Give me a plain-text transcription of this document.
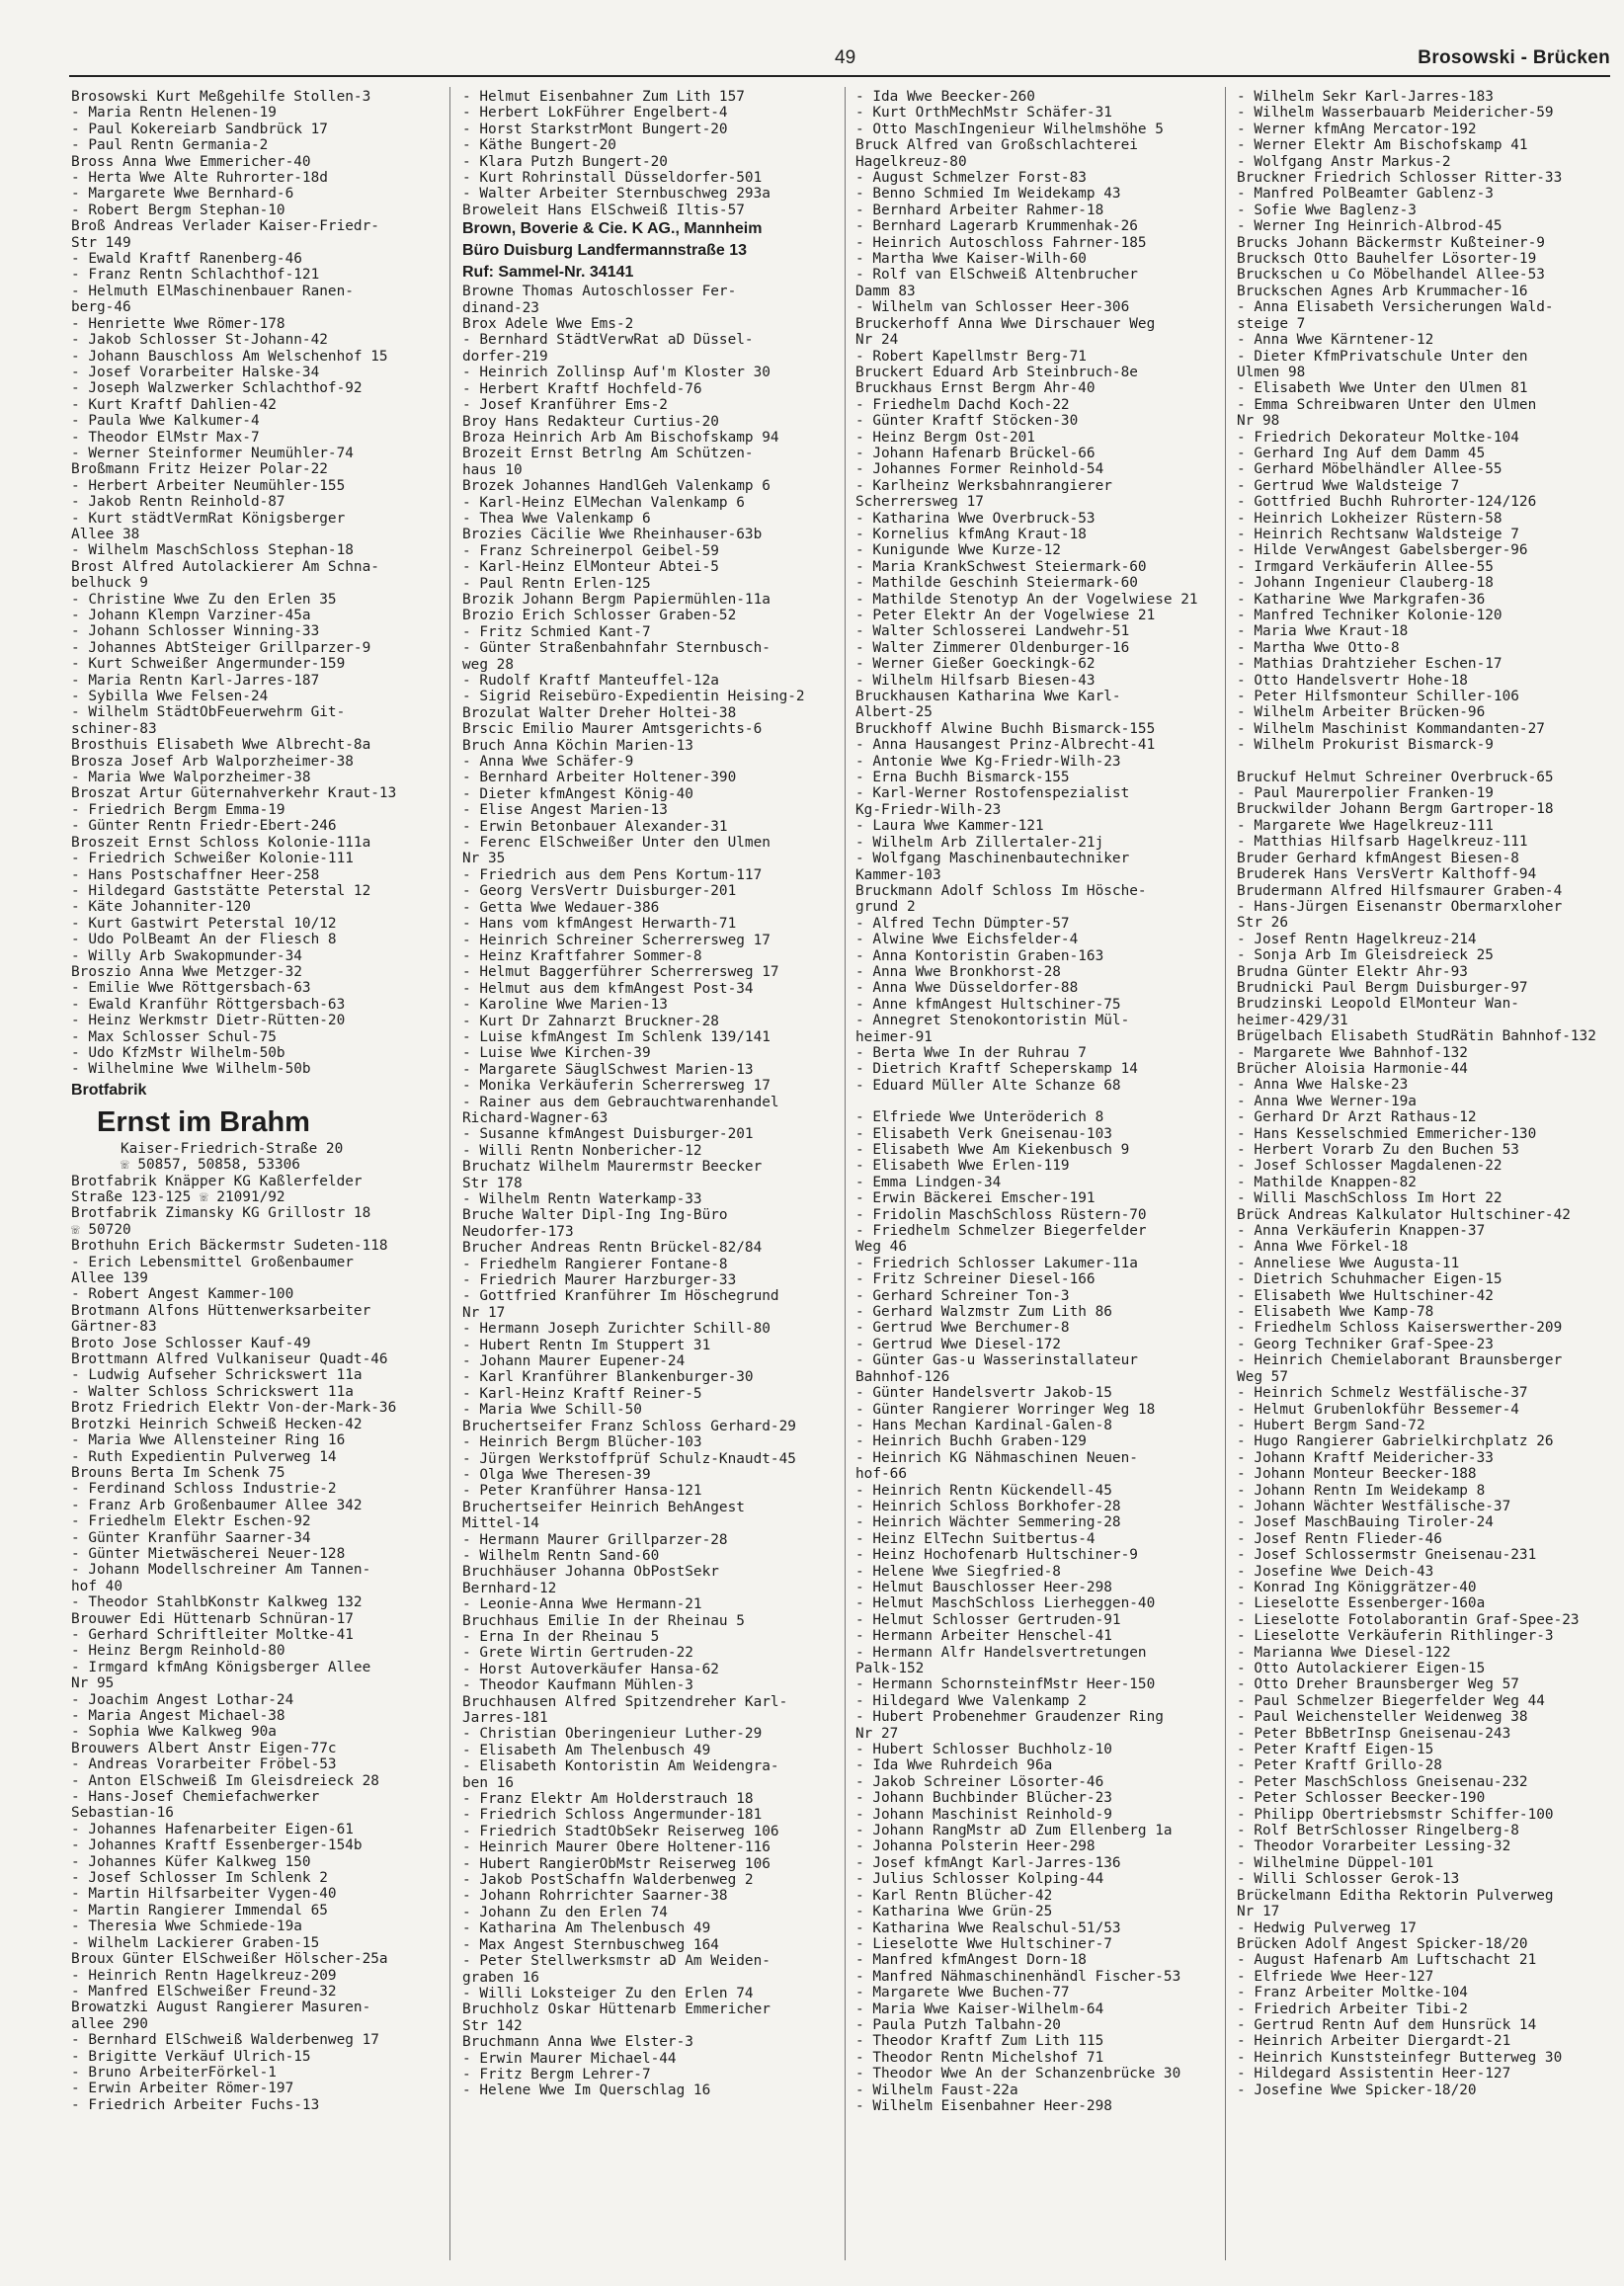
49	Brosowski - Brücken
Brosowski Kurt Meßgehilfe Stollen-3
- Maria Rentn Helenen-19
- Paul Kokereiarb Sandbrück 17
- Paul Rentn Germania-2
Bross Anna Wwe Emmericher-40
- Herta Wwe Alte Ruhrorter-18d
- Margarete Wwe Bernhard-6
- Robert Bergm Stephan-10
Broß Andreas Verlader Kaiser-Friedr-
Str 149
- Ewald Kraftf Ranenberg-46
- Franz Rentn Schlachthof-121
- Helmuth ElMaschinenbauer Ranen-
berg-46
- Henriette Wwe Römer-178
- Jakob Schlosser St-Johann-42
- Johann Bauschloss Am Welschenhof 15
- Josef Vorarbeiter Halske-34
- Joseph Walzwerker Schlachthof-92
- Kurt Kraftf Dahlien-42
- Paula Wwe Kalkumer-4
- Theodor ElMstr Max-7
- Werner Steinformer Neumühler-74
Broßmann Fritz Heizer Polar-22
- Herbert Arbeiter Neumühler-155
- Jakob Rentn Reinhold-87
- Kurt städtVermRat Königsberger
Allee 38
- Wilhelm MaschSchloss Stephan-18
Brost Alfred Autolackierer Am Schna-
belhuck 9
- Christine Wwe Zu den Erlen 35
- Johann Klempn Varziner-45a
- Johann Schlosser Winning-33
- Johannes AbtSteiger Grillparzer-9
- Kurt Schweißer Angermunder-159
- Maria Rentn Karl-Jarres-187
- Sybilla Wwe Felsen-24
- Wilhelm StädtObFeuerwehrm Git-
schiner-83
Brosthuis Elisabeth Wwe Albrecht-8a
Brosza Josef Arb Walporzheimer-38
- Maria Wwe Walporzheimer-38
Broszat Artur Güternahverkehr Kraut-13
- Friedrich Bergm Emma-19
- Günter Rentn Friedr-Ebert-246
Broszeit Ernst Schloss Kolonie-111a
- Friedrich Schweißer Kolonie-111
- Hans Postschaffner Heer-258
- Hildegard Gaststätte Peterstal 12
- Käte Johanniter-120
- Kurt Gastwirt Peterstal 10/12
- Udo PolBeamt An der Fliesch 8
- Willy Arb Swakopmunder-34
Broszio Anna Wwe Metzger-32
- Emilie Wwe Röttgersbach-63
- Ewald Kranführ Röttgersbach-63
- Heinz Werkmstr Dietr-Rütten-20
- Max Schlosser Schul-75
- Udo KfzMstr Wilhelm-50b
- Wilhelmine Wwe Wilhelm-50b
Brotfabrik
Ernst im Brahm
Kaiser-Friedrich-Straße 20
☏ 50857, 50858, 53306
Brotfabrik Knäpper KG Kaßlerfelder
Straße 123-125 ☏ 21091/92
Brotfabrik Zimansky KG Grillostr 18
☏ 50720
Brothuhn Erich Bäckermstr Sudeten-118
- Erich Lebensmittel Großenbaumer
Allee 139
- Robert Angest Kammer-100
Brotmann Alfons Hüttenwerksarbeiter
Gärtner-83
Broto Jose Schlosser Kauf-49
Brottmann Alfred Vulkaniseur Quadt-46
- Ludwig Aufseher Schrickswert 11a
- Walter Schloss Schrickswert 11a
Brotz Friedrich Elektr Von-der-Mark-36
Brotzki Heinrich Schweiß Hecken-42
- Maria Wwe Allensteiner Ring 16
- Ruth Expedientin Pulverweg 14
Brouns Berta Im Schenk 75
- Ferdinand Schloss Industrie-2
- Franz Arb Großenbaumer Allee 342
- Friedhelm Elektr Eschen-92
- Günter Kranführ Saarner-34
- Günter Mietwäscherei Neuer-128
- Johann Modellschreiner Am Tannen-
hof 40
- Theodor StahlbKonstr Kalkweg 132
Brouwer Edi Hüttenarb Schnüran-17
- Gerhard Schriftleiter Moltke-41
- Heinz Bergm Reinhold-80
- Irmgard kfmAng Königsberger Allee
Nr 95
- Joachim Angest Lothar-24
- Maria Angest Michael-38
- Sophia Wwe Kalkweg 90a
Brouwers Albert Anstr Eigen-77c
- Andreas Vorarbeiter Fröbel-53
- Anton ElSchweiß Im Gleisdreieck 28
- Hans-Josef Chemiefachwerker
Sebastian-16
- Johannes Hafenarbeiter Eigen-61
- Johannes Kraftf Essenberger-154b
- Johannes Küfer Kalkweg 150
- Josef Schlosser Im Schlenk 2
- Martin Hilfsarbeiter Vygen-40
- Martin Rangierer Immendal 65
- Theresia Wwe Schmiede-19a
- Wilhelm Lackierer Graben-15
Broux Günter ElSchweißer Hölscher-25a
- Heinrich Rentn Hagelkreuz-209
- Manfred ElSchweißer Freund-32
Browatzki August Rangierer Masuren-
allee 290
- Bernhard ElSchweiß Walderbenweg 17
- Brigitte Verkäuf Ulrich-15
- Bruno ArbeiterFörkel-1
- Erwin Arbeiter Römer-197
- Friedrich Arbeiter Fuchs-13
- Helmut Eisenbahner Zum Lith 157
- Herbert LokFührer Engelbert-4
- Horst StarkstrMont Bungert-20
- Käthe Bungert-20
- Klara Putzh Bungert-20
- Kurt Rohrinstall Düsseldorfer-501
- Walter Arbeiter Sternbuschweg 293a
Broweleit Hans ElSchweiß Iltis-57
Brown, Boverie & Cie. K AG., Mannheim
Büro Duisburg Landfermannstraße 13
Ruf: Sammel-Nr. 34141
Browne Thomas Autoschlosser Fer-
dinand-23
Brox Adele Wwe Ems-2
- Bernhard StädtVerwRat aD Düssel-
dorfer-219
- Heinrich Zollinsp Auf'm Kloster 30
- Herbert Kraftf Hochfeld-76
- Josef Kranführer Ems-2
Broy Hans Redakteur Curtius-20
Broza Heinrich Arb Am Bischofskamp 94
Brozeit Ernst Betrlng Am Schützen-
haus 10
Brozek Johannes HandlGeh Valenkamp 6
- Karl-Heinz ElMechan Valenkamp 6
- Thea Wwe Valenkamp 6
Brozies Cäcilie Wwe Rheinhauser-63b
- Franz Schreinerpol Geibel-59
- Karl-Heinz ElMonteur Abtei-5
- Paul Rentn Erlen-125
Brozik Johann Bergm Papiermühlen-11a
Brozio Erich Schlosser Graben-52
- Fritz Schmied Kant-7
- Günter Straßenbahnfahr Sternbusch-
weg 28
- Rudolf Kraftf Manteuffel-12a
- Sigrid Reisebüro-Expedientin Heising-2
Brozulat Walter Dreher Holtei-38
Brscic Emilio Maurer Amtsgerichts-6
Bruch Anna Köchin Marien-13
- Anna Wwe Schäfer-9
- Bernhard Arbeiter Holtener-390
- Dieter kfmAngest König-40
- Elise Angest Marien-13
- Erwin Betonbauer Alexander-31
- Ferenc ElSchweißer Unter den Ulmen
Nr 35
- Friedrich aus dem Pens Kortum-117
- Georg VersVertr Duisburger-201
- Getta Wwe Wedauer-386
- Hans vom kfmAngest Herwarth-71
- Heinrich Schreiner Scherrersweg 17
- Heinz Kraftfahrer Sommer-8
- Helmut Baggerführer Scherrersweg 17
- Helmut aus dem kfmAngest Post-34
- Karoline Wwe Marien-13
- Kurt Dr Zahnarzt Bruckner-28
- Luise kfmAngest Im Schlenk 139/141
- Luise Wwe Kirchen-39
- Margarete SäuglSchwest Marien-13
- Monika Verkäuferin Scherrersweg 17
- Rainer aus dem Gebrauchtwarenhandel
Richard-Wagner-63
- Susanne kfmAngest Duisburger-201
- Willi Rentn Nonbericher-12
Bruchatz Wilhelm Maurermstr Beecker
Str 178
- Wilhelm Rentn Waterkamp-33
Bruche Walter Dipl-Ing Ing-Büro
Neudorfer-173
Brucher Andreas Rentn Brückel-82/84
- Friedhelm Rangierer Fontane-8
- Friedrich Maurer Harzburger-33
- Gottfried Kranführer Im Höschegrund
Nr 17
- Hermann Joseph Zurichter Schill-80
- Hubert Rentn Im Stuppert 31
- Johann Maurer Eupener-24
- Karl Kranführer Blankenburger-30
- Karl-Heinz Kraftf Reiner-5
- Maria Wwe Schill-50
Bruchertseifer Franz Schloss Gerhard-29
- Heinrich Bergm Blücher-103
- Jürgen Werkstoffprüf Schulz-Knaudt-45
- Olga Wwe Theresen-39
- Peter Kranführer Hansa-121
Bruchertseifer Heinrich BehAngest
Mittel-14
- Hermann Maurer Grillparzer-28
- Wilhelm Rentn Sand-60
Bruchhäuser Johanna ObPostSekr
Bernhard-12
- Leonie-Anna Wwe Hermann-21
Bruchhaus Emilie In der Rheinau 5
- Erna In der Rheinau 5
- Grete Wirtin Gertruden-22
- Horst Autoverkäufer Hansa-62
- Theodor Kaufmann Mühlen-3
Bruchhausen Alfred Spitzendreher Karl-
Jarres-181
- Christian Oberingenieur Luther-29
- Elisabeth Am Thelenbusch 49
- Elisabeth Kontoristin Am Weidengra-
ben 16
- Franz Elektr Am Holderstrauch 18
- Friedrich Schloss Angermunder-181
- Friedrich StadtObSekr Reiserweg 106
- Heinrich Maurer Obere Holtener-116
- Hubert RangierObMstr Reiserweg 106
- Jakob PostSchaffn Walderbenweg 2
- Johann Rohrrichter Saarner-38
- Johann Zu den Erlen 74
- Katharina Am Thelenbusch 49
- Max Angest Sternbuschweg 164
- Peter Stellwerksmstr aD Am Weiden-
graben 16
- Willi Loksteiger Zu den Erlen 74
Bruchholz Oskar Hüttenarb Emmericher
Str 142
Bruchmann Anna Wwe Elster-3
- Erwin Maurer Michael-44
- Fritz Bergm Lehrer-7
- Helene Wwe Im Querschlag 16
- Ida Wwe Beecker-260
- Kurt OrthMechMstr Schäfer-31
- Otto MaschIngenieur Wilhelmshöhe 5
Bruck Alfred van Großschlachterei
Hagelkreuz-80
- August Schmelzer Forst-83
- Benno Schmied Im Weidekamp 43
- Bernhard Arbeiter Rahmer-18
- Bernhard Lagerarb Krummenhak-26
- Heinrich Autoschloss Fahrner-185
- Martha Wwe Kaiser-Wilh-60
- Rolf van ElSchweiß Altenbrucher
Damm 83
- Wilhelm van Schlosser Heer-306
Bruckerhoff Anna Wwe Dirschauer Weg
Nr 24
- Robert Kapellmstr Berg-71
Bruckert Eduard Arb Steinbruch-8e
Bruckhaus Ernst Bergm Ahr-40
- Friedhelm Dachd Koch-22
- Günter Kraftf Stöcken-30
- Heinz Bergm Ost-201
- Johann Hafenarb Brückel-66
- Johannes Former Reinhold-54
- Karlheinz Werksbahnrangierer
Scherrersweg 17
- Katharina Wwe Overbruck-53
- Kornelius kfmAng Kraut-18
- Kunigunde Wwe Kurze-12
- Maria KrankSchwest Steiermark-60
- Mathilde Geschinh Steiermark-60
- Mathilde Stenotyp An der Vogelwiese 21
- Peter Elektr An der Vogelwiese 21
- Walter Schlosserei Landwehr-51
- Walter Zimmerer Oldenburger-16
- Werner Gießer Goeckingk-62
- Wilhelm Hilfsarb Biesen-43
Bruckhausen Katharina Wwe Karl-
Albert-25
Bruckhoff Alwine Buchh Bismarck-155
- Anna Hausangest Prinz-Albrecht-41
- Antonie Wwe Kg-Friedr-Wilh-23
- Erna Buchh Bismarck-155
- Karl-Werner Rostofenspezialist
Kg-Friedr-Wilh-23
- Laura Wwe Kammer-121
- Wilhelm Arb Zillertaler-21j
- Wolfgang Maschinenbautechniker
Kammer-103
Bruckmann Adolf Schloss Im Hösche-
grund 2
- Alfred Techn Dümpter-57
- Alwine Wwe Eichsfelder-4
- Anna Kontoristin Graben-163
- Anna Wwe Bronkhorst-28
- Anna Wwe Düsseldorfer-88
- Anne kfmAngest Hultschiner-75
- Annegret Stenokontoristin Mül-
heimer-91
- Berta Wwe In der Ruhrau 7
- Dietrich Kraftf Scheperskamp 14
- Eduard Müller Alte Schanze 68
- Elfriede Wwe Unteröderich 8
- Elisabeth Verk Gneisenau-103
- Elisabeth Wwe Am Kiekenbusch 9
- Elisabeth Wwe Erlen-119
- Emma Lindgen-34
- Erwin Bäckerei Emscher-191
- Fridolin MaschSchloss Rüstern-70
- Friedhelm Schmelzer Biegerfelder
Weg 46
- Friedrich Schlosser Lakumer-11a
- Fritz Schreiner Diesel-166
- Gerhard Schreiner Ton-3
- Gerhard Walzmstr Zum Lith 86
- Gertrud Wwe Berchumer-8
- Gertrud Wwe Diesel-172
- Günter Gas-u Wasserinstallateur
Bahnhof-126
- Günter Handelsvertr Jakob-15
- Günter Rangierer Worringer Weg 18
- Hans Mechan Kardinal-Galen-8
- Heinrich Buchh Graben-129
- Heinrich KG Nähmaschinen Neuen-
hof-66
- Heinrich Rentn Kückendell-45
- Heinrich Schloss Borkhofer-28
- Heinrich Wächter Semmering-28
- Heinz ElTechn Suitbertus-4
- Heinz Hochofenarb Hultschiner-9
- Helene Wwe Siegfried-8
- Helmut Bauschlosser Heer-298
- Helmut MaschSchloss Lierheggen-40
- Helmut Schlosser Gertruden-91
- Hermann Arbeiter Henschel-41
- Hermann Alfr Handelsvertretungen
Palk-152
- Hermann SchornsteinfMstr Heer-150
- Hildegard Wwe Valenkamp 2
- Hubert Probenehmer Graudenzer Ring
Nr 27
- Hubert Schlosser Buchholz-10
- Ida Wwe Ruhrdeich 96a
- Jakob Schreiner Lösorter-46
- Johann Buchbinder Blücher-23
- Johann Maschinist Reinhold-9
- Johann RangMstr aD Zum Ellenberg 1a
- Johanna Polsterin Heer-298
- Josef kfmAngt Karl-Jarres-136
- Julius Schlosser Kolping-44
- Karl Rentn Blücher-42
- Katharina Wwe Grün-25
- Katharina Wwe Realschul-51/53
- Lieselotte Wwe Hultschiner-7
- Manfred kfmAngest Dorn-18
- Manfred Nähmaschinenhändl Fischer-53
- Margarete Wwe Buchen-77
- Maria Wwe Kaiser-Wilhelm-64
- Paula Putzh Talbahn-20
- Theodor Kraftf Zum Lith 115
- Theodor Rentn Michelshof 71
- Theodor Wwe An der Schanzenbrücke 30
- Wilhelm Faust-22a
- Wilhelm Eisenbahner Heer-298
- Wilhelm Sekr Karl-Jarres-183
- Wilhelm Wasserbauarb Meidericher-59
- Werner kfmAng Mercator-192
- Werner Elektr Am Bischofskamp 41
- Wolfgang Anstr Markus-2
Bruckner Friedrich Schlosser Ritter-33
- Manfred PolBeamter Gablenz-3
- Sofie Wwe Baglenz-3
- Werner Ing Heinrich-Albrod-45
Brucks Johann Bäckermstr Kußteiner-9
Brucksch Otto Bauhelfer Lösorter-19
Bruckschen u Co Möbelhandel Allee-53
Bruckschen Agnes Arb Krummacher-16
- Anna Elisabeth Versicherungen Wald-
steige 7
- Anna Wwe Kärntener-12
- Dieter KfmPrivatschule Unter den
Ulmen 98
- Elisabeth Wwe Unter den Ulmen 81
- Emma Schreibwaren Unter den Ulmen
Nr 98
- Friedrich Dekorateur Moltke-104
- Gerhard Ing Auf dem Damm 45
- Gerhard Möbelhändler Allee-55
- Gertrud Wwe Waldsteige 7
- Gottfried Buchh Ruhrorter-124/126
- Heinrich Lokheizer Rüstern-58
- Heinrich Rechtsanw Waldsteige 7
- Hilde VerwAngest Gabelsberger-96
- Irmgard Verkäuferin Allee-55
- Johann Ingenieur Clauberg-18
- Katharine Wwe Markgrafen-36
- Manfred Techniker Kolonie-120
- Maria Wwe Kraut-18
- Martha Wwe Otto-8
- Mathias Drahtzieher Eschen-17
- Otto Handelsvertr Hohe-18
- Peter Hilfsmonteur Schiller-106
- Wilhelm Arbeiter Brücken-96
- Wilhelm Maschinist Kommandanten-27
- Wilhelm Prokurist Bismarck-9
Bruckuf Helmut Schreiner Overbruck-65
- Paul Maurerpolier Franken-19
Bruckwilder Johann Bergm Gartroper-18
- Margarete Wwe Hagelkreuz-111
- Matthias Hilfsarb Hagelkreuz-111
Bruder Gerhard kfmAngest Biesen-8
Bruderek Hans VersVertr Kalthoff-94
Brudermann Alfred Hilfsmaurer Graben-4
- Hans-Jürgen Eisenanstr Obermarxloher
Str 26
- Josef Rentn Hagelkreuz-214
- Sonja Arb Im Gleisdreieck 25
Brudna Günter Elektr Ahr-93
Brudnicki Paul Bergm Duisburger-97
Brudzinski Leopold ElMonteur Wan-
heimer-429/31
Brügelbach Elisabeth StudRätin Bahnhof-132
- Margarete Wwe Bahnhof-132
Brücher Aloisia Harmonie-44
- Anna Wwe Halske-23
- Anna Wwe Werner-19a
- Gerhard Dr Arzt Rathaus-12
- Hans Kesselschmied Emmericher-130
- Herbert Vorarb Zu den Buchen 53
- Josef Schlosser Magdalenen-22
- Mathilde Knappen-82
- Willi MaschSchloss Im Hort 22
Brück Andreas Kalkulator Hultschiner-42
- Anna Verkäuferin Knappen-37
- Anna Wwe Förkel-18
- Anneliese Wwe Augusta-11
- Dietrich Schuhmacher Eigen-15
- Elisabeth Wwe Hultschiner-42
- Elisabeth Wwe Kamp-78
- Friedhelm Schloss Kaiserswerther-209
- Georg Techniker Graf-Spee-23
- Heinrich Chemielaborant Braunsberger
Weg 57
- Heinrich Schmelz Westfälische-37
- Helmut Grubenlokführ Bessemer-4
- Hubert Bergm Sand-72
- Hugo Rangierer Gabrielkirchplatz 26
- Johann Kraftf Meidericher-33
- Johann Monteur Beecker-188
- Johann Rentn Im Weidekamp 8
- Johann Wächter Westfälische-37
- Josef MaschBauing Tiroler-24
- Josef Rentn Flieder-46
- Josef Schlossermstr Gneisenau-231
- Josefine Wwe Deich-43
- Konrad Ing Königgrätzer-40
- Lieselotte Essenberger-160a
- Lieselotte Fotolaborantin Graf-Spee-23
- Lieselotte Verkäuferin Rithlinger-3
- Marianna Wwe Diesel-122
- Otto Autolackierer Eigen-15
- Otto Dreher Braunsberger Weg 57
- Paul Schmelzer Biegerfelder Weg 44
- Paul Weichensteller Weidenweg 38
- Peter BbBetrInsp Gneisenau-243
- Peter Kraftf Eigen-15
- Peter Kraftf Grillo-28
- Peter MaschSchloss Gneisenau-232
- Peter Schlosser Beecker-190
- Philipp Obertriebsmstr Schiffer-100
- Rolf BetrSchlosser Ringelberg-8
- Theodor Vorarbeiter Lessing-32
- Wilhelmine Düppel-101
- Willi Schlosser Gerok-13
Brückelmann Editha Rektorin Pulverweg
Nr 17
- Hedwig Pulverweg 17
Brücken Adolf Angest Spicker-18/20
- August Hafenarb Am Luftschacht 21
- Elfriede Wwe Heer-127
- Franz Arbeiter Moltke-104
- Friedrich Arbeiter Tibi-2
- Gertrud Rentn Auf dem Hunsrück 14
- Heinrich Arbeiter Diergardt-21
- Heinrich Kunststeinfegr Butterweg 30
- Hildegard Assistentin Heer-127
- Josefine Wwe Spicker-18/20
